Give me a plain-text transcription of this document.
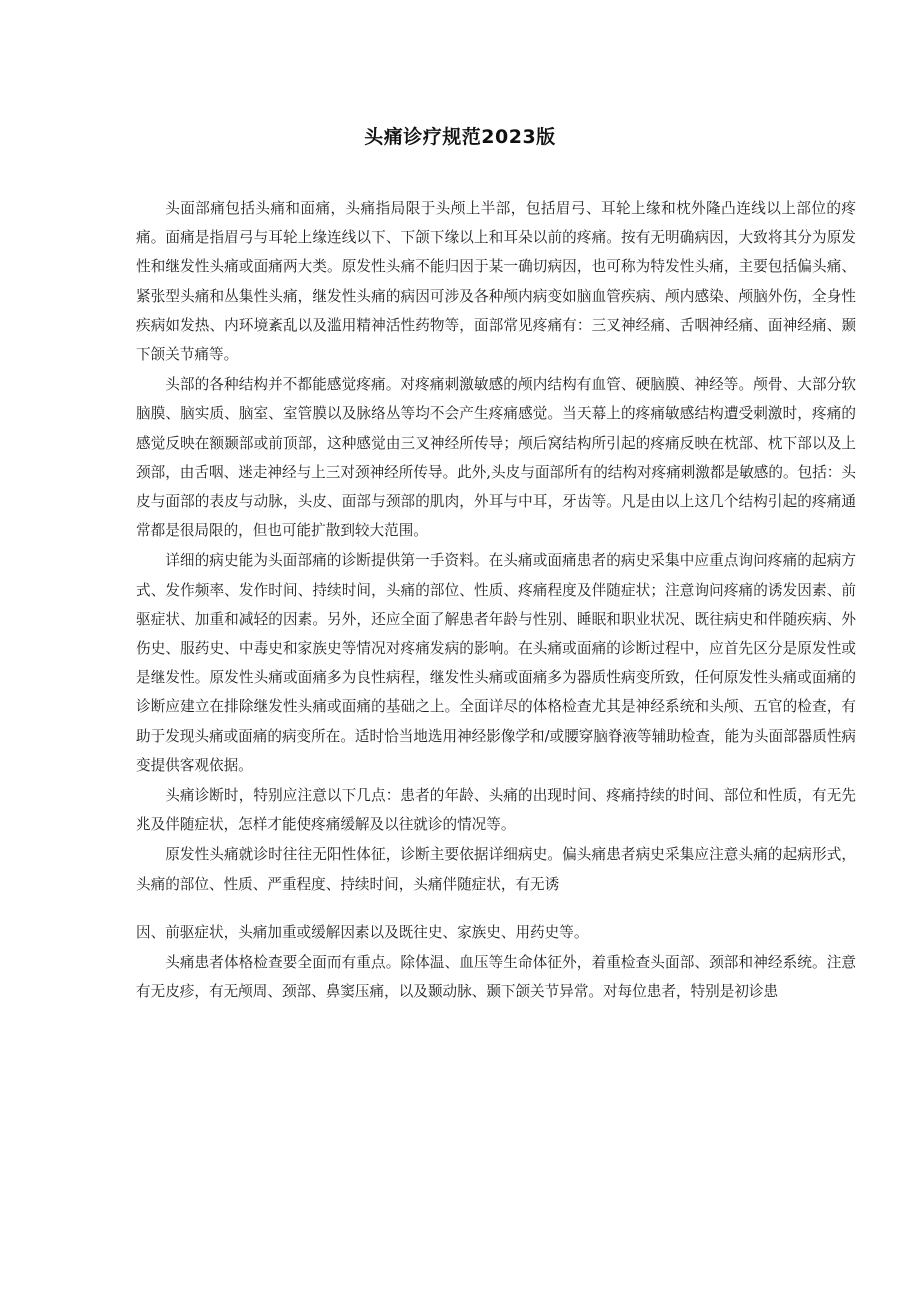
头痛诊疗规范2023版

头面部痛包括头痛和面痛，头痛指局限于头颅上半部，包括眉弓、耳轮上缘和枕外隆凸连线以上部位的疼痛。面痛是指眉弓与耳轮上缘连线以下、下颌下缘以上和耳朵以前的疼痛。按有无明确病因，大致将其分为原发性和继发性头痛或面痛两大类。原发性头痛不能归因于某一确切病因，也可称为特发性头痛，主要包括偏头痛、紧张型头痛和丛集性头痛，继发性头痛的病因可涉及各种颅内病变如脑血管疾病、颅内感染、颅脑外伤，全身性疾病如发热、内环境紊乱以及滥用精神活性药物等，面部常见疼痛有：三叉神经痛、舌咽神经痛、面神经痛、颞下颌关节痛等。

头部的各种结构并不都能感觉疼痛。对疼痛刺激敏感的颅内结构有血管、硬脑膜、神经等。颅骨、大部分软脑膜、脑实质、脑室、室管膜以及脉络丛等均不会产生疼痛感觉。当天幕上的疼痛敏感结构遭受刺激时，疼痛的感觉反映在额颞部或前顶部，这种感觉由三叉神经所传导；颅后窝结构所引起的疼痛反映在枕部、枕下部以及上颈部，由舌咽、迷走神经与上三对颈神经所传导。此外,头皮与面部所有的结构对疼痛刺激都是敏感的。包括：头皮与面部的表皮与动脉，头皮、面部与颈部的肌肉，外耳与中耳，牙齿等。凡是由以上这几个结构引起的疼痛通常都是很局限的，但也可能扩散到较大范围。

详细的病史能为头面部痛的诊断提供第一手资料。在头痛或面痛患者的病史采集中应重点询问疼痛的起病方式、发作频率、发作时间、持续时间，头痛的部位、性质、疼痛程度及伴随症状；注意询问疼痛的诱发因素、前驱症状、加重和减轻的因素。另外，还应全面了解患者年龄与性别、睡眠和职业状况、既往病史和伴随疾病、外伤史、服药史、中毒史和家族史等情况对疼痛发病的影响。在头痛或面痛的诊断过程中，应首先区分是原发性或是继发性。原发性头痛或面痛多为良性病程，继发性头痛或面痛多为器质性病变所致，任何原发性头痛或面痛的诊断应建立在排除继发性头痛或面痛的基础之上。全面详尽的体格检查尤其是神经系统和头颅、五官的检查，有助于发现头痛或面痛的病变所在。适时恰当地选用神经影像学和/或腰穿脑脊液等辅助检查，能为头面部器质性病变提供客观依据。

头痛诊断时，特别应注意以下几点：患者的年龄、头痛的出现时间、疼痛持续的时间、部位和性质，有无先兆及伴随症状，怎样才能使疼痛缓解及以往就诊的情况等。

原发性头痛就诊时往往无阳性体征，诊断主要依据详细病史。偏头痛患者病史采集应注意头痛的起病形式，头痛的部位、性质、严重程度、持续时间，头痛伴随症状，有无诱

因、前驱症状，头痛加重或缓解因素以及既往史、家族史、用药史等。

头痛患者体格检查要全面而有重点。除体温、血压等生命体征外，着重检查头面部、颈部和神经系统。注意有无皮疹，有无颅周、颈部、鼻窦压痛，以及颞动脉、颞下颌关节异常。对每位患者，特别是初诊患
